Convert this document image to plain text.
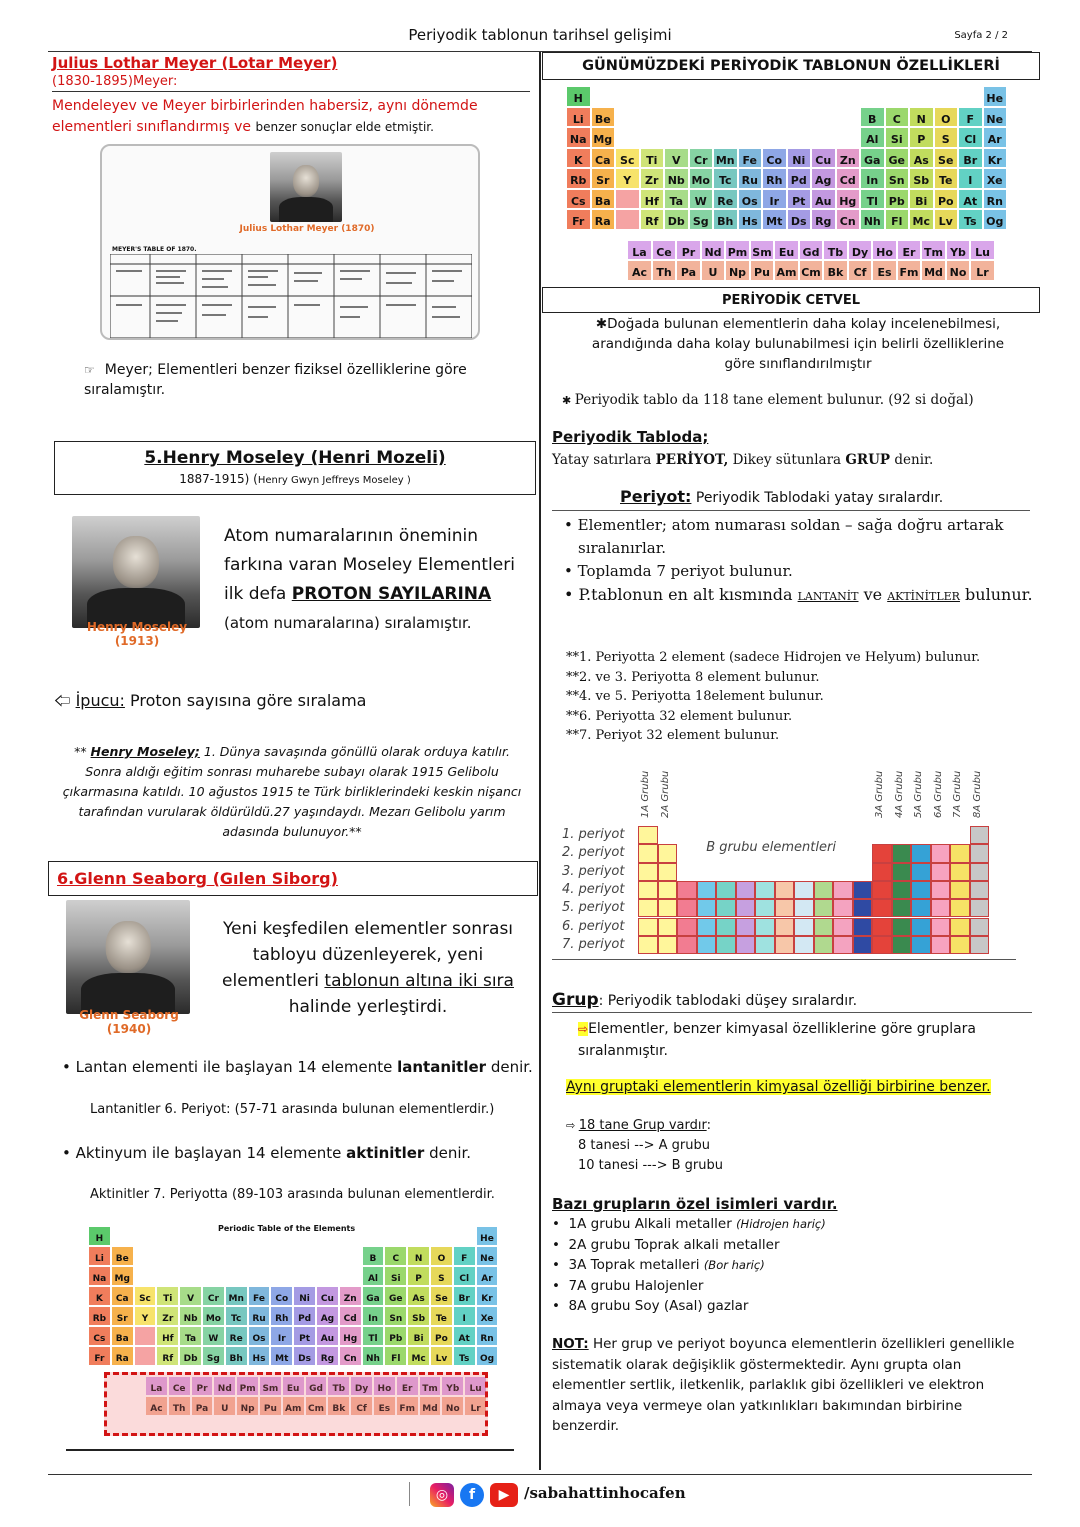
Periyodik tablonun tarihsel gelişimi	Sayfa 2 / 2
Julius Lothar Meyer (Lotar Meyer)
(1830-1895)Meyer:
Mendeleyev ve Meyer birbirlerinden habersiz, aynı dönemde elementleri sınıflandırmış ve benzer sonuçlar elde etmiştir.
Julius Lothar Meyer (1870)
MEYER'S TABLE OF 1870.
☞ Meyer; Elementleri benzer fiziksel özelliklerine göre sıralamıştır.
5.Henry Moseley (Henri Mozeli)
1887-1915) (Henry Gwyn Jeffreys Moseley )
Henry Moseley
(1913)
Atom numaralarının öneminin farkına varan Moseley Elementleri ilk defa PROTON SAYILARINA (atom numaralarına) sıralamıştır.
🢤 İpucu: Proton sayısına göre sıralama
** Henry Moseley; 1. Dünya savaşında gönüllü olarak orduya katılır. Sonra aldığı eğitim sonrası muharebe subayı olarak 1915 Gelibolu çıkarmasına katıldı. 10 ağustos 1915 te Türk birliklerindeki keskin nişancı tarafından vurularak öldürüldü.27 yaşındaydı. Mezarı Gelibolu yarım adasında bulunuyor.**
6.Glenn Seaborg (Gılen Siborg)
Glenn Seaborg
(1940)
Yeni keşfedilen elementler sonrası tabloyu düzenleyerek, yeni elementleri tablonun altına iki sıra halinde yerleştirdi.
• Lantan elementi ile başlayan 14 elemente lantanitler denir.
Lantanitler 6. Periyot: (57-71 arasında bulunan elementlerdir.)
• Aktinyum ile başlayan 14 elemente aktinitler denir.
Aktinitler 7. Periyotta (89-103 arasında bulunan elementlerdir.
Periodic Table of the Elements
H	He
Li	Be	B	C	N	O	F	Ne
Na Mg	Al	Si	P	S	Cl	Ar
K	Ca	Sc	Ti	V	Cr	Mn	Fe	Co	Ni	Cu	Zn	Ga	Ge	As	Se	Br	Kr
Rb	Sr	Y	Zr	Nb Mo	Tc	Ru	Rh	Pd	Ag	Cd	In	Sn	Sb	Te	I	Xe
Cs	Ba	Hf	Ta	W	Re	Os	Ir	Pt	Au	Hg	Tl	Pb	Bi	Po	At	Rn
Fr	Ra	Rf	Db	Sg	Bh	Hs	Mt	Ds	Rg	Cn	Nh	Fl	Mc	Lv	Ts	Og
La	Ce	Pr	Nd Pm Sm Eu	Gd	Tb	Dy	Ho	Er	Tm Yb	Lu
Ac	Th	Pa	U	Np	Pu Am Cm Bk	Cf	Es	Fm Md No	Lr
GÜNÜMÜZDEKİ PERİYODİK TABLONUN ÖZELLİKLERİ
H	He
Li	Be	B	C	N	O	F	Ne
Na Mg	Al	Si	P	S	Cl	Ar
K	Ca Sc	Ti	V	Cr Mn Fe Co Ni Cu Zn Ga Ge As Se Br Kr
Rb Sr	Y	Zr Nb Mo Tc Ru Rh Pd Ag Cd In Sn Sb Te	I	Xe
Cs Ba	Hf Ta	W Re Os	Ir	Pt Au Hg Tl Pb Bi Po At Rn
Fr Ra	Rf Db Sg Bh Hs Mt Ds Rg Cn Nh Fl Mc Lv	Ts Og
La Ce Pr Nd Pm Sm Eu Gd Tb Dy Ho Er Tm Yb Lu
Ac Th Pa	U	Np Pu Am Cm Bk Cf	Es Fm Md No Lr
PERİYODİK CETVEL
✱Doğada bulunan elementlerin daha kolay incelenebilmesi, arandığında daha kolay bulunabilmesi için belirli özelliklerine göre sınıflandırılmıştır
✱ Periyodik tablo da 118 tane element bulunur. (92 si doğal)
Periyodik Tabloda;
Yatay satırlara PERİYOT, Dikey sütunlara GRUP denir.
Periyot: Periyodik Tablodaki yatay sıralardır.
• Elementler; atom numarası soldan – sağa doğru artarak sıralanırlar.
• Toplamda 7 periyot bulunur.
• P.tablonun en alt kısmında LANTANİT ve AKTİNİTLER bulunur.
**1. Periyotta 2 element (sadece Hidrojen ve Helyum) bulunur.
**2. ve 3. Periyotta 8 element bulunur.
**4. ve 5. Periyotta 18element bulunur.
**6. Periyotta 32 element bulunur.
**7. Periyot 32 element bulunur.
1. periyot
2. periyot
3. periyot
4. periyot
5. periyot
6. periyot
7. periyot
1A Grubu 2A Grubu	3A Grubu 4A Grubu 5A Grubu 6A Grubu 7A Grubu 8A Grubu
B grubu elementleri
Grup: Periyodik tablodaki düşey sıralardır.
⇨Elementler, benzer kimyasal özelliklerine göre gruplara sıralanmıştır.
Aynı gruptaki elementlerin kimyasal özelliği birbirine benzer.
⇨ 18 tane Grup vardır:
8 tanesi --> A grubu
10 tanesi ---> B grubu
Bazı grupların özel isimleri vardır.
•  1A grubu Alkali metaller (Hidrojen hariç)
•  2A grubu Toprak alkali metaller
•  3A Toprak metalleri (Bor hariç)
•  7A grubu Halojenler
•  8A grubu Soy (Asal) gazlar
NOT: Her grup ve periyot boyunca elementlerin özellikleri genellikle sistematik olarak değişiklik göstermektedir. Aynı grupta olan elementler sertlik, iletkenlik, parlaklık gibi özellikleri ve elektron almaya veya vermeye olan yatkınlıkları bakımından birbirine benzerdir.
◎	f	▶ /sabahattinhocafen
